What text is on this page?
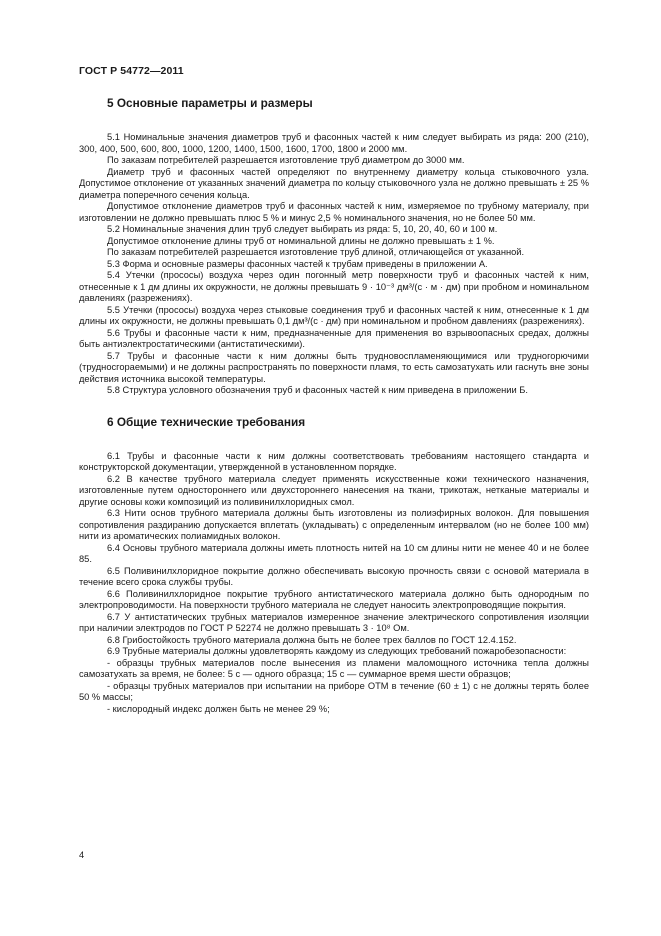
ГОСТ Р 54772—2011
5 Основные параметры и размеры

5.1 Номинальные значения диаметров труб и фасонных частей к ним следует выбирать из ряда: 200 (210), 300, 400, 500, 600, 800, 1000, 1200, 1400, 1500, 1600, 1700, 1800 и 2000 мм.

По заказам потребителей разрешается изготовление труб диаметром до 3000 мм.

Диаметр труб и фасонных частей определяют по внутреннему диаметру кольца стыковочного узла. Допустимое отклонение от указанных значений диаметра по кольцу стыковочного узла не должно превышать ± 25 % диаметра поперечного сечения кольца.

Допустимое отклонение диаметров труб и фасонных частей к ним, измеряемое по трубному материалу, при изготовлении не должно превышать плюс 5 % и минус 2,5 % номинального значения, но не более 50 мм.

5.2 Номинальные значения длин труб следует выбирать из ряда: 5, 10, 20, 40, 60 и 100 м.

Допустимое отклонение длины труб от номинальной длины не должно превышать ± 1 %.

По заказам потребителей разрешается изготовление труб длиной, отличающейся от указанной.

5.3 Форма и основные размеры фасонных частей к трубам приведены в приложении А.

5.4 Утечки (прососы) воздуха через один погонный метр поверхности труб и фасонных частей к ним, отнесенные к 1 дм длины их окружности, не должны превышать 9 · 10⁻³ дм³/(с · м · дм) при пробном и номинальном давлениях (разрежениях).

5.5 Утечки (прососы) воздуха через стыковые соединения труб и фасонных частей к ним, отнесенные к 1 дм длины их окружности, не должны превышать 0,1 дм³/(с · дм) при номинальном и пробном давлениях (разрежениях).

5.6 Трубы и фасонные части к ним, предназначенные для применения во взрывоопасных средах, должны быть антиэлектростатическими (антистатическими).

5.7 Трубы и фасонные части к ним должны быть трудновоспламеняющимися или трудногорючими (трудносгораемыми) и не должны распространять по поверхности пламя, то есть самозатухать или гаснуть вне зоны действия источника высокой температуры.

5.8 Структура условного обозначения труб и фасонных частей к ним приведена в приложении Б.

6 Общие технические требования

6.1 Трубы и фасонные части к ним должны соответствовать требованиям настоящего стандарта и конструкторской документации, утвержденной в установленном порядке.

6.2 В качестве трубного материала следует применять искусственные кожи технического назначения, изготовленные путем одностороннего или двухстороннего нанесения на ткани, трикотаж, нетканые материалы и другие основы кожи композиций из поливинилхлоридных смол.

6.3 Нити основ трубного материала должны быть изготовлены из полиэфирных волокон. Для повышения сопротивления раздиранию допускается вплетать (укладывать) с определенным интервалом (но не более 100 мм) нити из ароматических полиамидных волокон.

6.4 Основы трубного материала должны иметь плотность нитей на 10 см длины нити не менее 40 и не более 85.

6.5 Поливинилхлоридное покрытие должно обеспечивать высокую прочность связи с основой материала в течение всего срока службы трубы.

6.6 Поливинилхлоридное покрытие трубного антистатического материала должно быть однородным по электропроводимости. На поверхности трубного материала не следует наносить электропроводящие покрытия.

6.7 У антистатических трубных материалов измеренное значение электрического сопротивления изоляции при наличии электродов по ГОСТ Р 52274 не должно превышать 3 · 10⁸ Ом.

6.8 Грибостойкость трубного материала должна быть не более трех баллов по ГОСТ 12.4.152.

6.9 Трубные материалы должны удовлетворять каждому из следующих требований пожаробезопасности:

- образцы трубных материалов после вынесения из пламени маломощного источника тепла должны самозатухать за время, не более: 5 с — одного образца; 15 с — суммарное время шести образцов;

- образцы трубных материалов при испытании на приборе ОТМ в течение (60 ± 1) с не должны терять более 50 % массы;

- кислородный индекс должен быть не менее 29 %;

4
